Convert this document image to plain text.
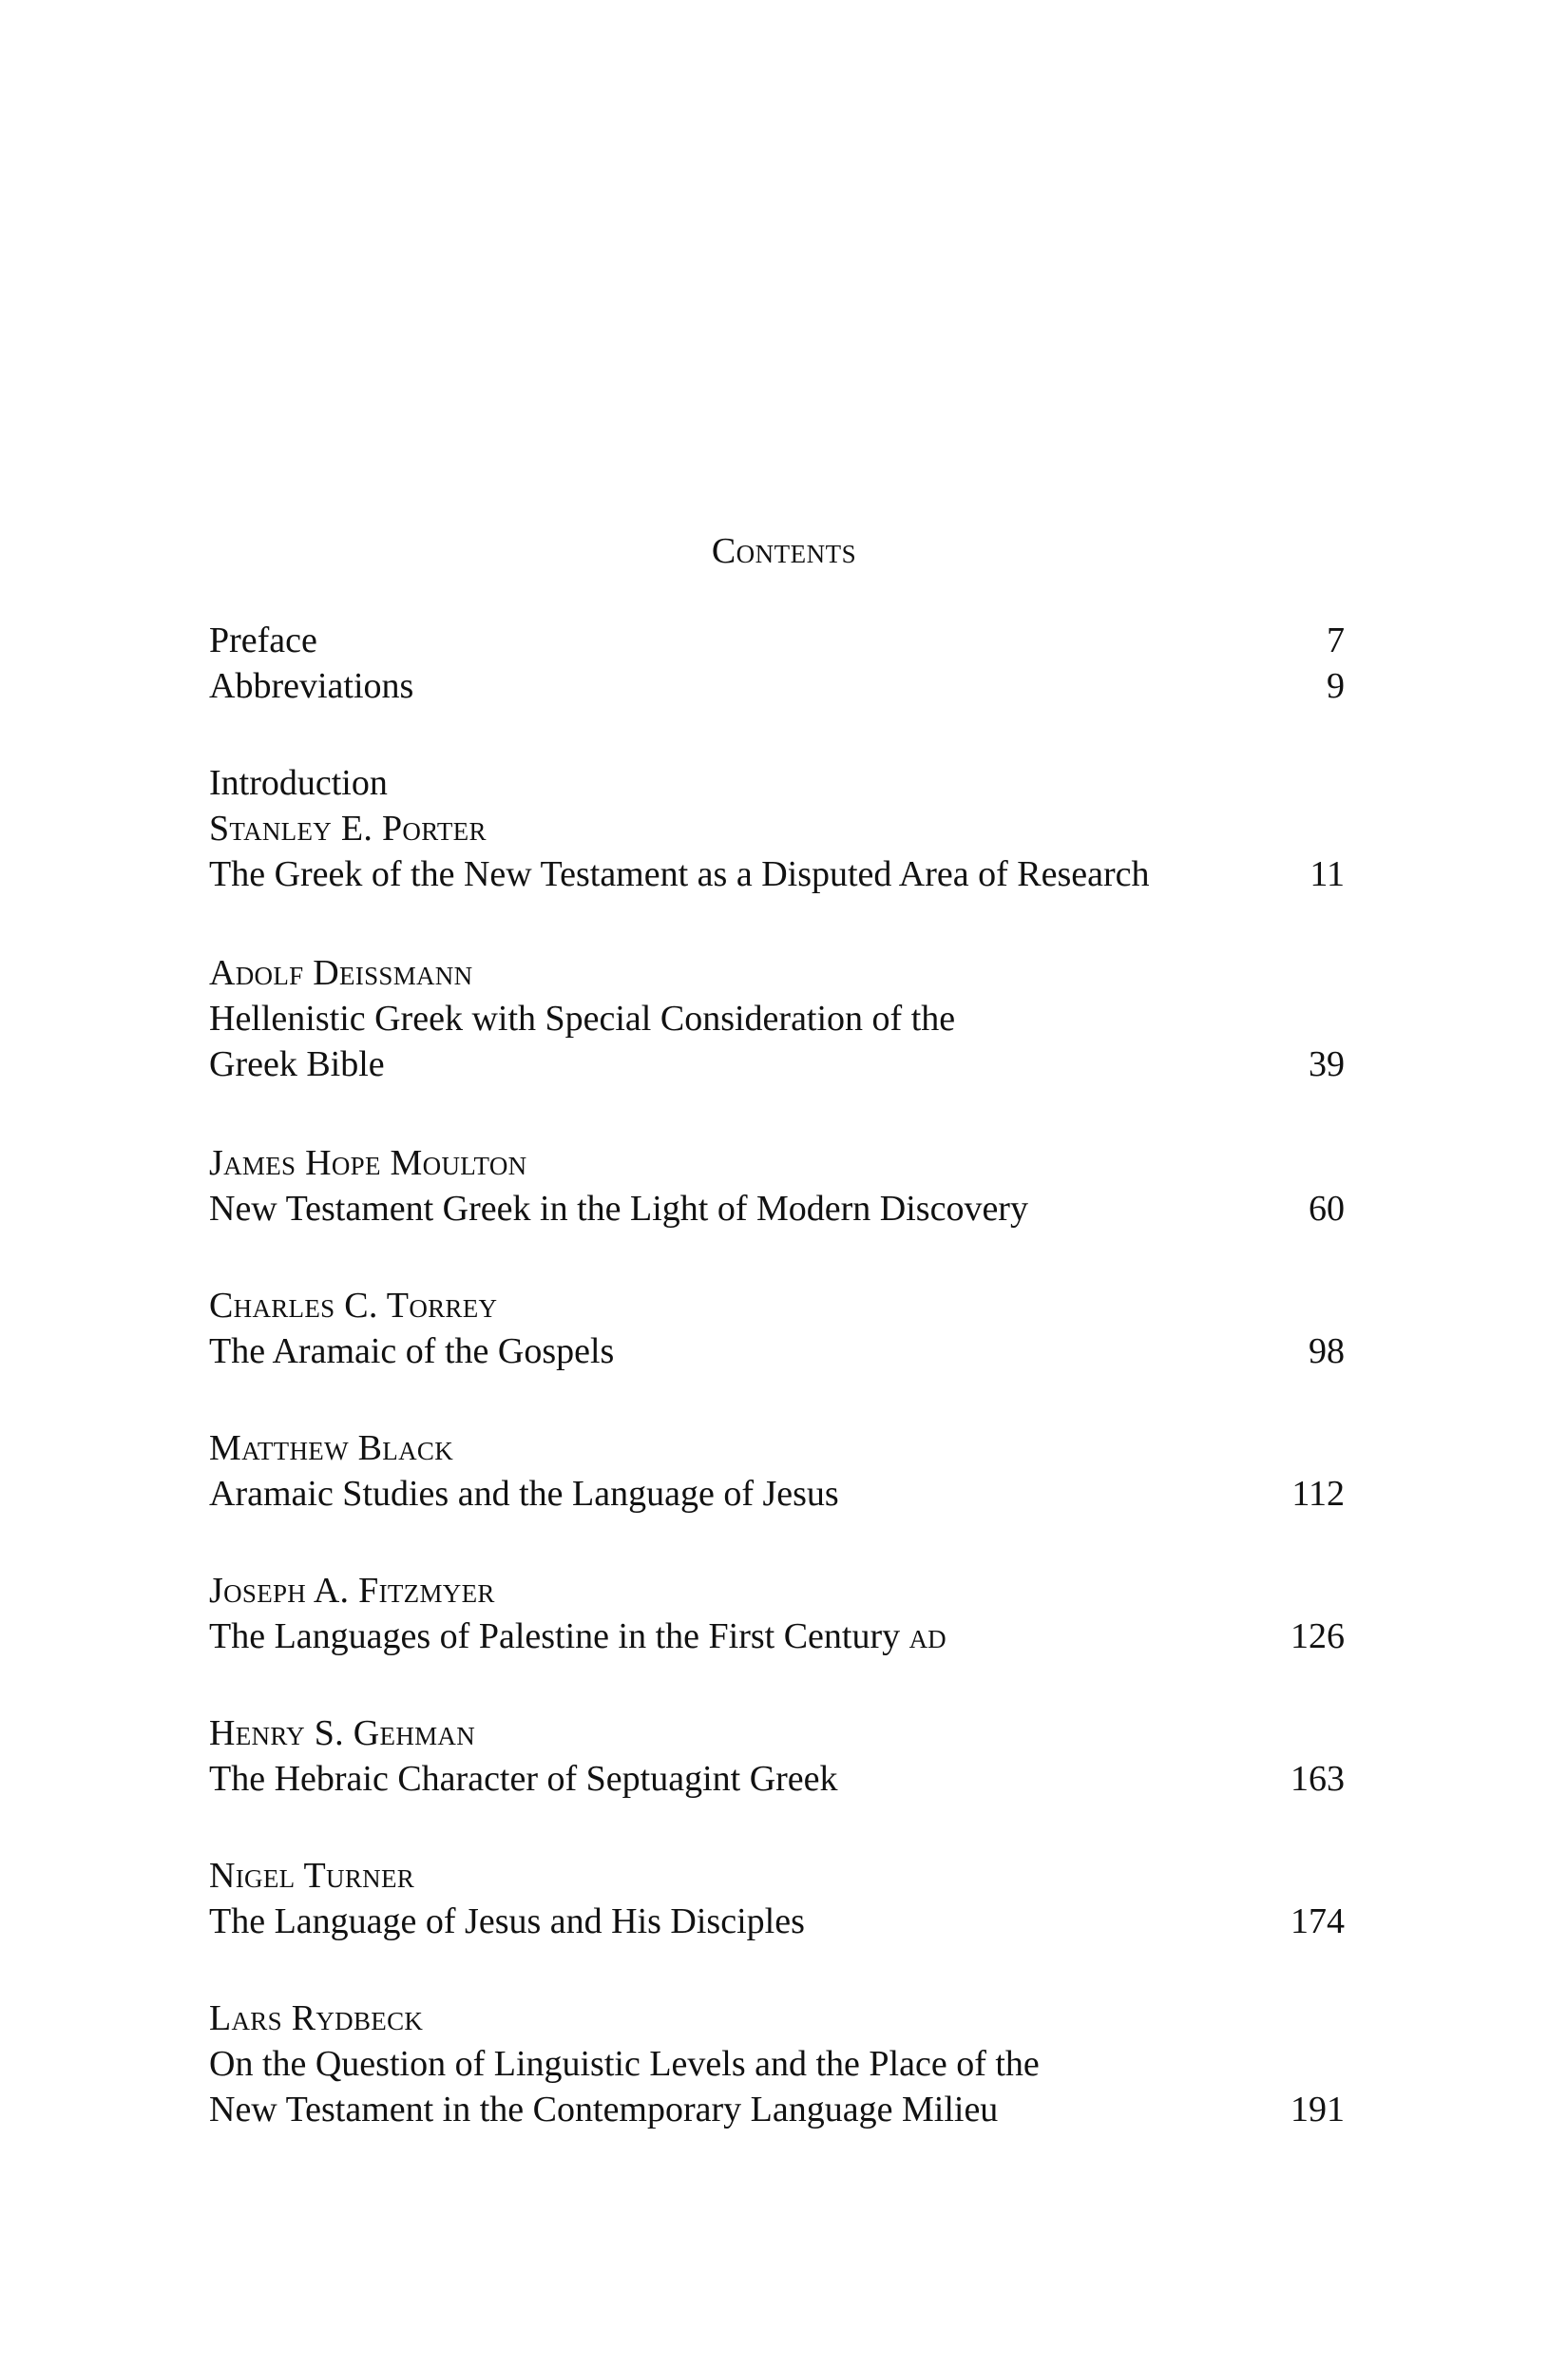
Contents
Preface	7
Abbreviations	9
Introduction
Stanley E. Porter
The Greek of the New Testament as a Disputed Area of Research	11
Adolf Deissmann
Hellenistic Greek with Special Consideration of the
Greek Bible	39
James Hope Moulton
New Testament Greek in the Light of Modern Discovery	60
Charles C. Torrey
The Aramaic of the Gospels	98
Matthew Black
Aramaic Studies and the Language of Jesus	112
Joseph A. Fitzmyer
The Languages of Palestine in the First Century ad	126
Henry S. Gehman
The Hebraic Character of Septuagint Greek	163
Nigel Turner
The Language of Jesus and His Disciples	174
Lars Rydbeck
On the Question of Linguistic Levels and the Place of the
New Testament in the Contemporary Language Milieu	191
